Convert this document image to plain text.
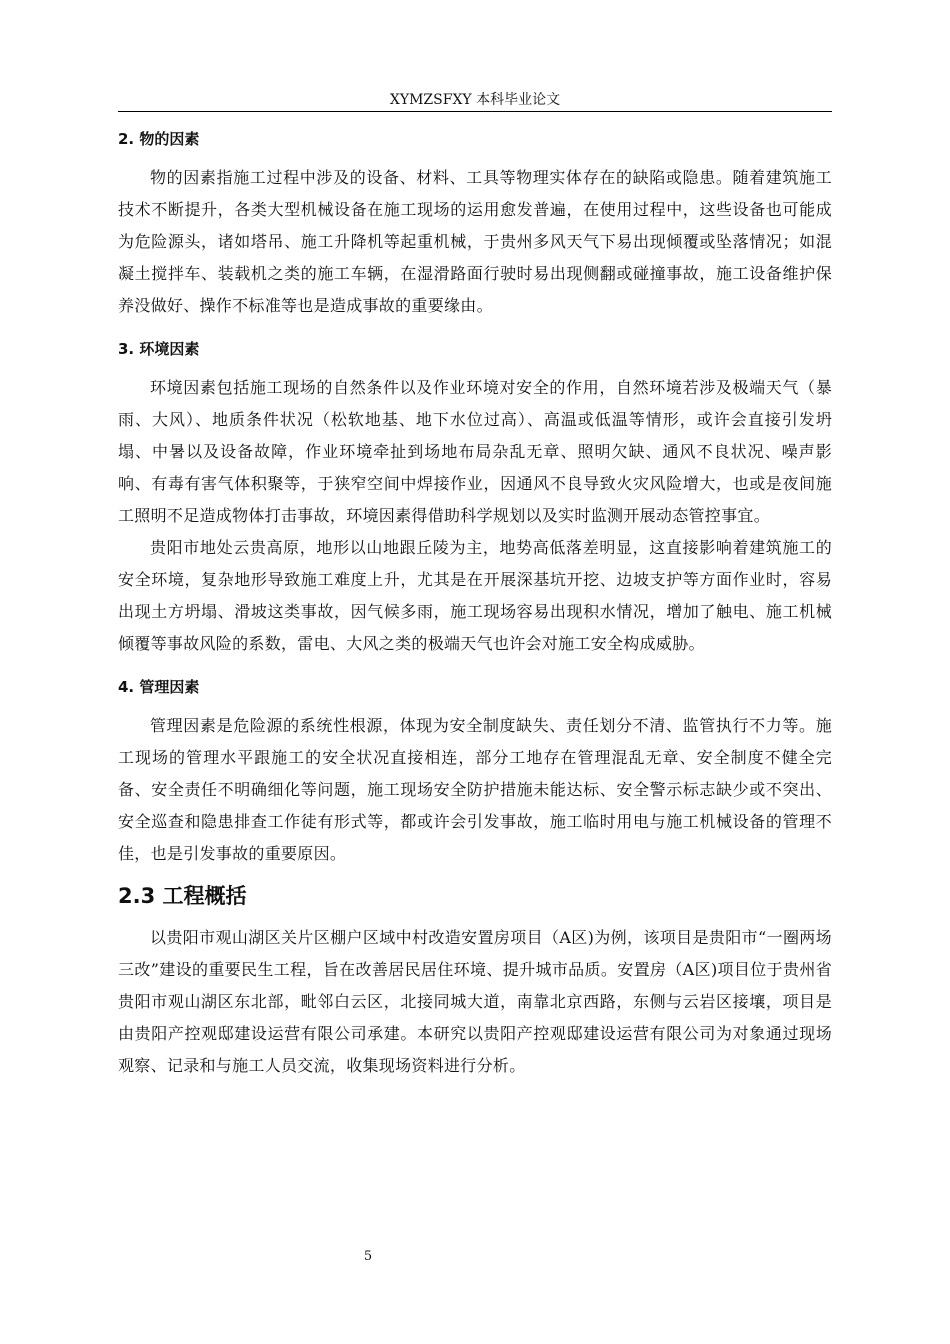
XYMZSFXY 本科毕业论文
2. 物的因素

物的因素指施工过程中涉及的设备、材料、工具等物理实体存在的缺陷或隐患。随着建筑施工技术不断提升，各类大型机械设备在施工现场的运用愈发普遍，在使用过程中，这些设备也可能成为危险源头，诸如塔吊、施工升降机等起重机械，于贵州多风天气下易出现倾覆或坠落情况；如混凝土搅拌车、装载机之类的施工车辆，在湿滑路面行驶时易出现侧翻或碰撞事故，施工设备维护保养没做好、操作不标准等也是造成事故的重要缘由。

3. 环境因素

环境因素包括施工现场的自然条件以及作业环境对安全的作用，自然环境若涉及极端天气（暴雨、大风）、地质条件状况（松软地基、地下水位过高）、高温或低温等情形，或许会直接引发坍塌、中暑以及设备故障，作业环境牵扯到场地布局杂乱无章、照明欠缺、通风不良状况、噪声影响、有毒有害气体积聚等，于狭窄空间中焊接作业，因通风不良导致火灾风险增大，也或是夜间施工照明不足造成物体打击事故，环境因素得借助科学规划以及实时监测开展动态管控事宜。

贵阳市地处云贵高原，地形以山地跟丘陵为主，地势高低落差明显，这直接影响着建筑施工的安全环境，复杂地形导致施工难度上升，尤其是在开展深基坑开挖、边坡支护等方面作业时，容易出现土方坍塌、滑坡这类事故，因气候多雨，施工现场容易出现积水情况，增加了触电、施工机械倾覆等事故风险的系数，雷电、大风之类的极端天气也许会对施工安全构成威胁。

4. 管理因素

管理因素是危险源的系统性根源，体现为安全制度缺失、责任划分不清、监管执行不力等。施工现场的管理水平跟施工的安全状况直接相连，部分工地存在管理混乱无章、安全制度不健全完备、安全责任不明确细化等问题，施工现场安全防护措施未能达标、安全警示标志缺少或不突出、安全巡查和隐患排查工作徒有形式等，都或许会引发事故，施工临时用电与施工机械设备的管理不佳，也是引发事故的重要原因。

2.3 工程概括

以贵阳市观山湖区关片区棚户区域中村改造安置房项目（A区)为例，该项目是贵阳市“一圈两场三改”建设的重要民生工程，旨在改善居民居住环境、提升城市品质。安置房（A区)项目位于贵州省贵阳市观山湖区东北部，毗邻白云区，北接同城大道，南靠北京西路，东侧与云岩区接壤，项目是由贵阳产控观邸建设运营有限公司承建。本研究以贵阳产控观邸建设运营有限公司为对象通过现场观察、记录和与施工人员交流，收集现场资料进行分析。

5
